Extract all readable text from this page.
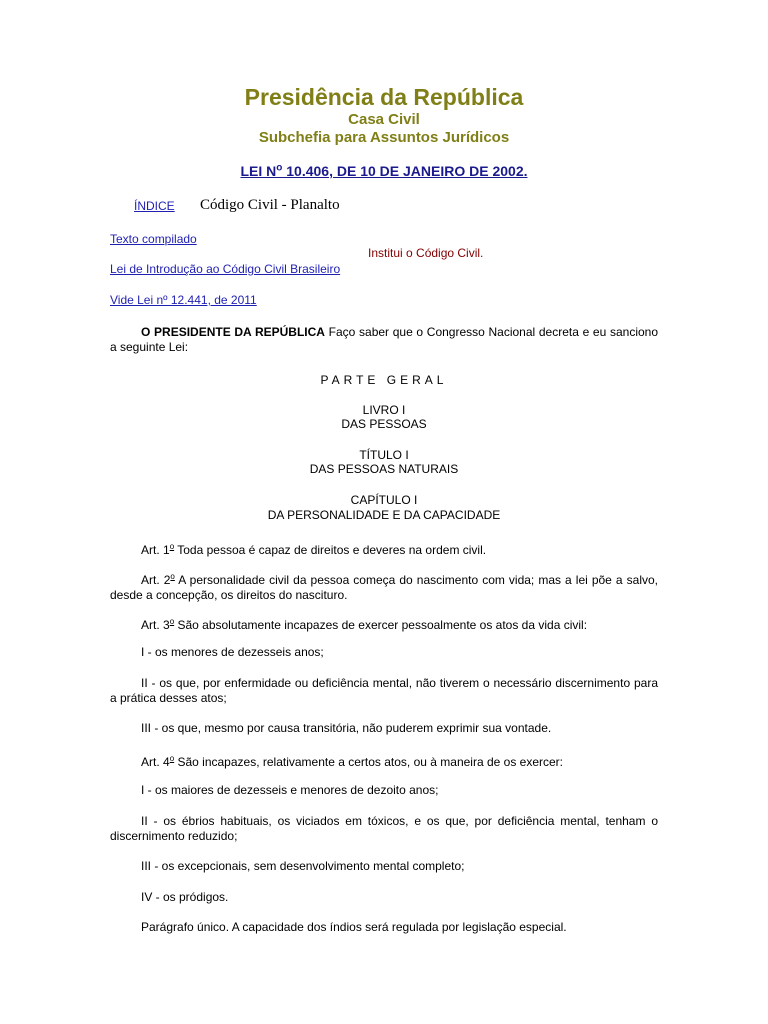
Presidência da República
Casa Civil
Subchefia para Assuntos Jurídicos
LEI $N^o$ 10.406, DE 10 DE JANEIRO DE 2002.
ÍNDICE Código Civil - Planalto
Texto compilado
Institui o Código Civil.
Lei de Introdução ao Código Civil Brasileiro
Vide Lei nº 12.441, de 2011
O PRESIDENTE DA REPÚBLICA Faço saber que o Congresso Nacional decreta e eu sanciono a seguinte Lei:
PARTE GERAL
LIVRO I
DAS PESSOAS
TÍTULO I
DAS PESSOAS NATURAIS
CAPÍTULO I
DA PERSONALIDADE E DA CAPACIDADE
Art. 1$^o$ Toda pessoa é capaz de direitos e deveres na ordem civil.
Art. 2$^o$ A personalidade civil da pessoa começa do nascimento com vida; mas a lei põe a salvo, desde a concepção, os direitos do nascituro.
Art. 3$^o$ São absolutamente incapazes de exercer pessoalmente os atos da vida civil:
I - os menores de dezesseis anos;
II - os que, por enfermidade ou deficiência mental, não tiverem o necessário discernimento para a prática desses atos;
III - os que, mesmo por causa transitória, não puderem exprimir sua vontade.
Art. 4$^o$ São incapazes, relativamente a certos atos, ou à maneira de os exercer:
I - os maiores de dezesseis e menores de dezoito anos;
II - os ébrios habituais, os viciados em tóxicos, e os que, por deficiência mental, tenham o discernimento reduzido;
III - os excepcionais, sem desenvolvimento mental completo;
IV - os pródigos.
Parágrafo único. A capacidade dos índios será regulada por legislação especial.
